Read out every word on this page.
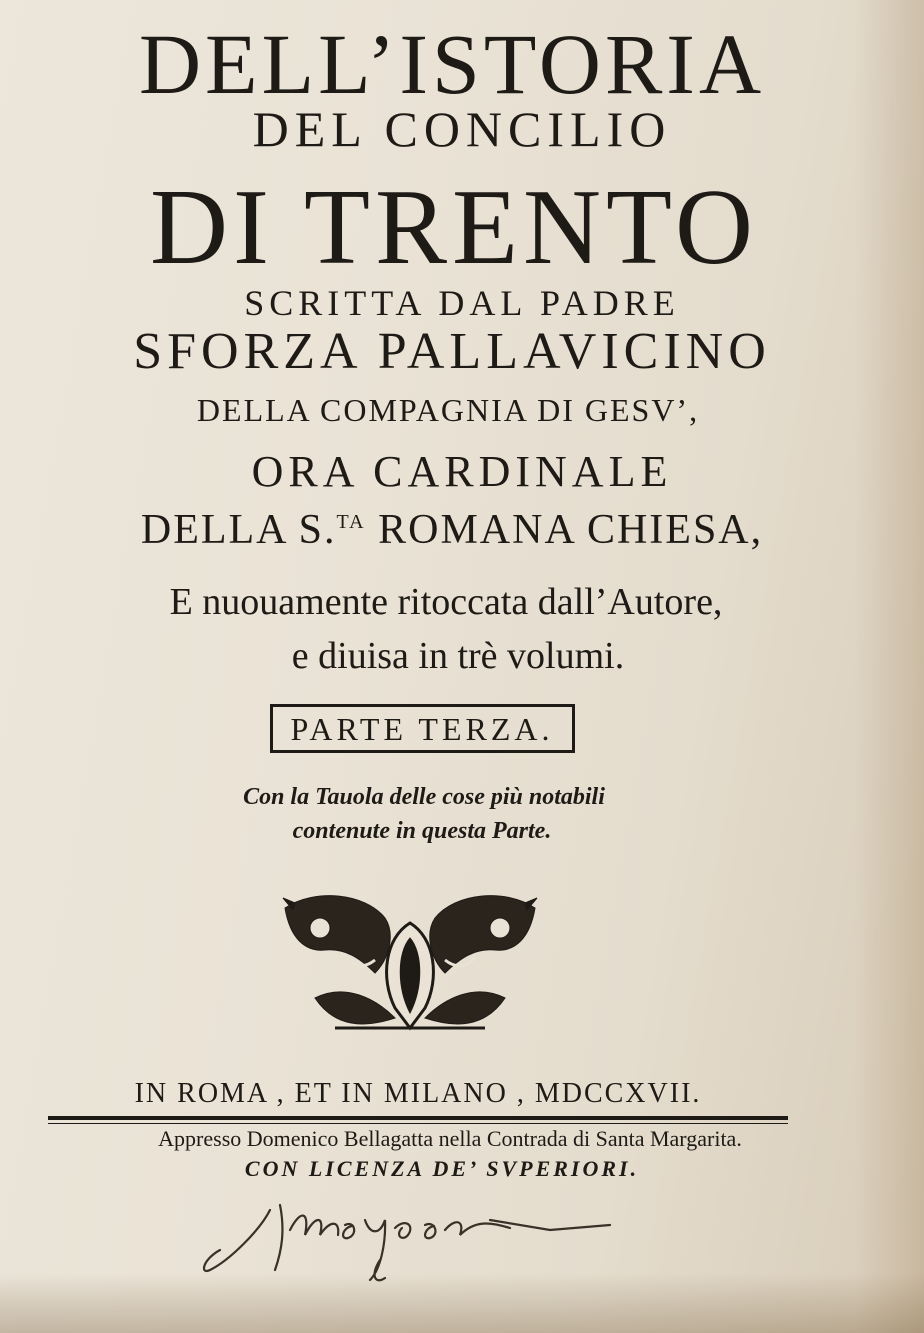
DELL’ISTORIA
DEL CONCILIO
DI TRENTO
SCRITTA DAL PADRE
SFORZA PALLAVICINO
DELLA COMPAGNIA DI GESV’,
ORA CARDINALE
DELLA S.$^{TA}$ ROMANA CHIESA,
E nuouamente ritoccata dall’Autore,
e diuisa in trè volumi.
PARTE TERZA.
Con la Tauola delle cose più notabili
contenute in questa Parte.
IN ROMA , ET IN MILANO , MDCCXVII.
Appresso Domenico Bellagatta nella Contrada di Santa Margarita.
CON LICENZA DE’ SVPERIORI.
